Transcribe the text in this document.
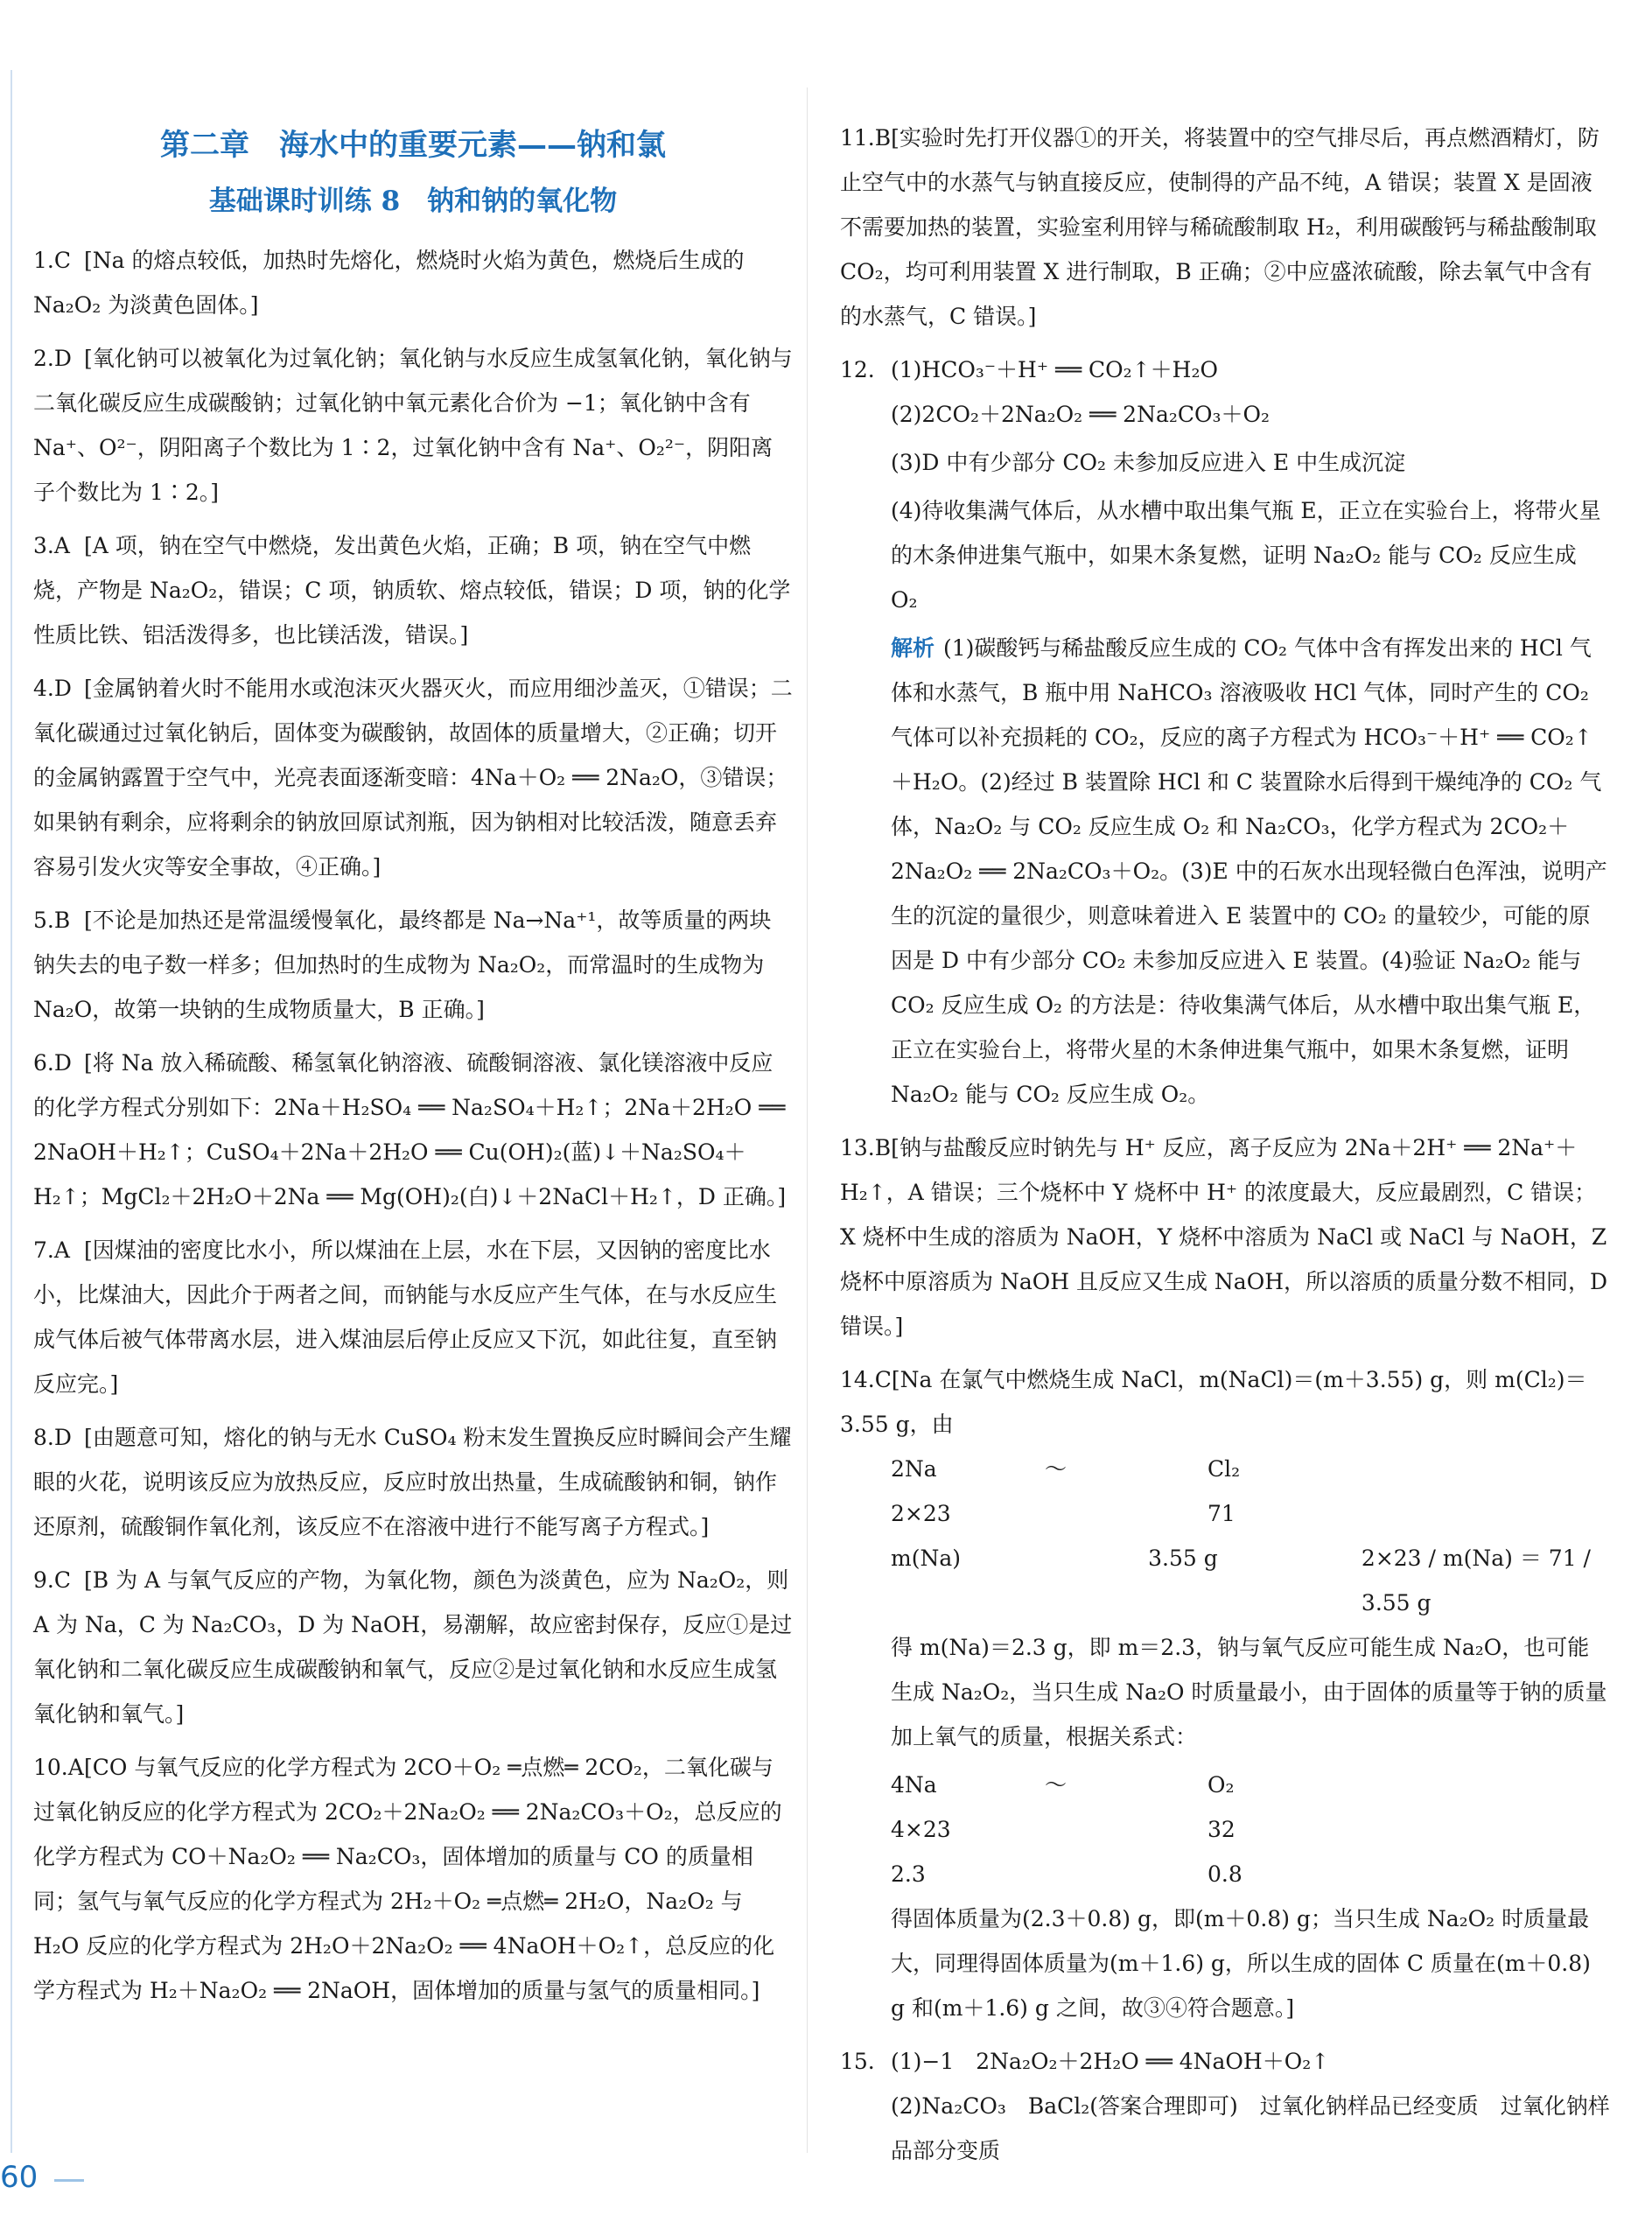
第二章　海水中的重要元素——钠和氯
基础课时训练 8　钠和钠的氧化物
1.C [Na 的熔点较低，加热时先熔化，燃烧时火焰为黄色，燃烧后生成的 Na₂O₂ 为淡黄色固体。]
2.D [氧化钠可以被氧化为过氧化钠；氧化钠与水反应生成氢氧化钠，氧化钠与二氧化碳反应生成碳酸钠；过氧化钠中氧元素化合价为 −1；氧化钠中含有 Na⁺、O²⁻，阴阳离子个数比为 1∶2，过氧化钠中含有 Na⁺、O₂²⁻，阴阳离子个数比为 1∶2。]
3.A [A 项，钠在空气中燃烧，发出黄色火焰，正确；B 项，钠在空气中燃烧，产物是 Na₂O₂，错误；C 项，钠质软、熔点较低，错误；D 项，钠的化学性质比铁、铝活泼得多，也比镁活泼，错误。]
4.D [金属钠着火时不能用水或泡沫灭火器灭火，而应用细沙盖灭，①错误；二氧化碳通过过氧化钠后，固体变为碳酸钠，故固体的质量增大，②正确；切开的金属钠露置于空气中，光亮表面逐渐变暗：4Na＋O₂ ══ 2Na₂O，③错误；如果钠有剩余，应将剩余的钠放回原试剂瓶，因为钠相对比较活泼，随意丢弃容易引发火灾等安全事故，④正确。]
5.B [不论是加热还是常温缓慢氧化，最终都是 Na→Na⁺¹，故等质量的两块钠失去的电子数一样多；但加热时的生成物为 Na₂O₂，而常温时的生成物为 Na₂O，故第一块钠的生成物质量大，B 正确。]
6.D [将 Na 放入稀硫酸、稀氢氧化钠溶液、硫酸铜溶液、氯化镁溶液中反应的化学方程式分别如下：2Na＋H₂SO₄ ══ Na₂SO₄＋H₂↑；2Na＋2H₂O ══ 2NaOH＋H₂↑；CuSO₄＋2Na＋2H₂O ══ Cu(OH)₂(蓝)↓＋Na₂SO₄＋H₂↑；MgCl₂＋2H₂O＋2Na ══ Mg(OH)₂(白)↓＋2NaCl＋H₂↑，D 正确。]
7.A [因煤油的密度比水小，所以煤油在上层，水在下层，又因钠的密度比水小，比煤油大，因此介于两者之间，而钠能与水反应产生气体，在与水反应生成气体后被气体带离水层，进入煤油层后停止反应又下沉，如此往复，直至钠反应完。]
8.D [由题意可知，熔化的钠与无水 CuSO₄ 粉末发生置换反应时瞬间会产生耀眼的火花，说明该反应为放热反应，反应时放出热量，生成硫酸钠和铜，钠作还原剂，硫酸铜作氧化剂，该反应不在溶液中进行不能写离子方程式。]
9.C [B 为 A 与氧气反应的产物，为氧化物，颜色为淡黄色，应为 Na₂O₂，则 A 为 Na，C 为 Na₂CO₃，D 为 NaOH，易潮解，故应密封保存，反应①是过氧化钠和二氧化碳反应生成碳酸钠和氧气，反应②是过氧化钠和水反应生成氢氧化钠和氧气。]
10.A[CO 与氧气反应的化学方程式为 2CO＋O₂ ═点燃═ 2CO₂，二氧化碳与过氧化钠反应的化学方程式为 2CO₂＋2Na₂O₂ ══ 2Na₂CO₃＋O₂，总反应的化学方程式为 CO＋Na₂O₂ ══ Na₂CO₃，固体增加的质量与 CO 的质量相同；氢气与氧气反应的化学方程式为 2H₂＋O₂ ═点燃═ 2H₂O，Na₂O₂ 与 H₂O 反应的化学方程式为 2H₂O＋2Na₂O₂ ══ 4NaOH＋O₂↑，总反应的化学方程式为 H₂＋Na₂O₂ ══ 2NaOH，固体增加的质量与氢气的质量相同。]
11.B[实验时先打开仪器①的开关，将装置中的空气排尽后，再点燃酒精灯，防止空气中的水蒸气与钠直接反应，使制得的产品不纯，A 错误；装置 X 是固液不需要加热的装置，实验室利用锌与稀硫酸制取 H₂，利用碳酸钙与稀盐酸制取 CO₂，均可利用装置 X 进行制取，B 正确；②中应盛浓硫酸，除去氧气中含有的水蒸气，C 错误。]
12. (1)HCO₃⁻＋H⁺ ══ CO₂↑＋H₂O
(2)2CO₂＋2Na₂O₂ ══ 2Na₂CO₃＋O₂
(3)D 中有少部分 CO₂ 未参加反应进入 E 中生成沉淀
(4)待收集满气体后，从水槽中取出集气瓶 E，正立在实验台上，将带火星的木条伸进集气瓶中，如果木条复燃，证明 Na₂O₂ 能与 CO₂ 反应生成 O₂
解析 (1)碳酸钙与稀盐酸反应生成的 CO₂ 气体中含有挥发出来的 HCl 气体和水蒸气，B 瓶中用 NaHCO₃ 溶液吸收 HCl 气体，同时产生的 CO₂ 气体可以补充损耗的 CO₂，反应的离子方程式为 HCO₃⁻＋H⁺ ══ CO₂↑＋H₂O。(2)经过 B 装置除 HCl 和 C 装置除水后得到干燥纯净的 CO₂ 气体，Na₂O₂ 与 CO₂ 反应生成 O₂ 和 Na₂CO₃，化学方程式为 2CO₂＋2Na₂O₂ ══ 2Na₂CO₃＋O₂。(3)E 中的石灰水出现轻微白色浑浊，说明产生的沉淀的量很少，则意味着进入 E 装置中的 CO₂ 的量较少，可能的原因是 D 中有少部分 CO₂ 未参加反应进入 E 装置。(4)验证 Na₂O₂ 能与 CO₂ 反应生成 O₂ 的方法是：待收集满气体后，从水槽中取出集气瓶 E，正立在实验台上，将带火星的木条伸进集气瓶中，如果木条复燃，证明 Na₂O₂ 能与 CO₂ 反应生成 O₂。
13.B[钠与盐酸反应时钠先与 H⁺ 反应，离子反应为 2Na＋2H⁺ ══ 2Na⁺＋H₂↑，A 错误；三个烧杯中 Y 烧杯中 H⁺ 的浓度最大，反应最剧烈，C 错误；X 烧杯中生成的溶质为 NaOH，Y 烧杯中溶质为 NaCl 或 NaCl 与 NaOH，Z 烧杯中原溶质为 NaOH 且反应又生成 NaOH，所以溶质的质量分数不相同，D 错误。]
14.C[Na 在氯气中燃烧生成 NaCl，m(NaCl)＝(m＋3.55) g，则 m(Cl₂)＝3.55 g，由
2Na	～	Cl₂
2×23	71
m(Na)	3.55 g	2×23 / m(Na) ＝ 71 / 3.55 g
得 m(Na)＝2.3 g，即 m＝2.3，钠与氧气反应可能生成 Na₂O，也可能生成 Na₂O₂，当只生成 Na₂O 时质量最小，由于固体的质量等于钠的质量加上氧气的质量，根据关系式：
4Na	～	O₂
4×23	32
2.3	0.8
得固体质量为(2.3＋0.8) g，即(m＋0.8) g；当只生成 Na₂O₂ 时质量最大，同理得固体质量为(m＋1.6) g，所以生成的固体 C 质量在(m＋0.8) g 和(m＋1.6) g 之间，故③④符合题意。]
15. (1)−1　2Na₂O₂＋2H₂O ══ 4NaOH＋O₂↑
(2)Na₂CO₃　BaCl₂(答案合理即可)　过氧化钠样品已经变质　过氧化钠样品部分变质
60
